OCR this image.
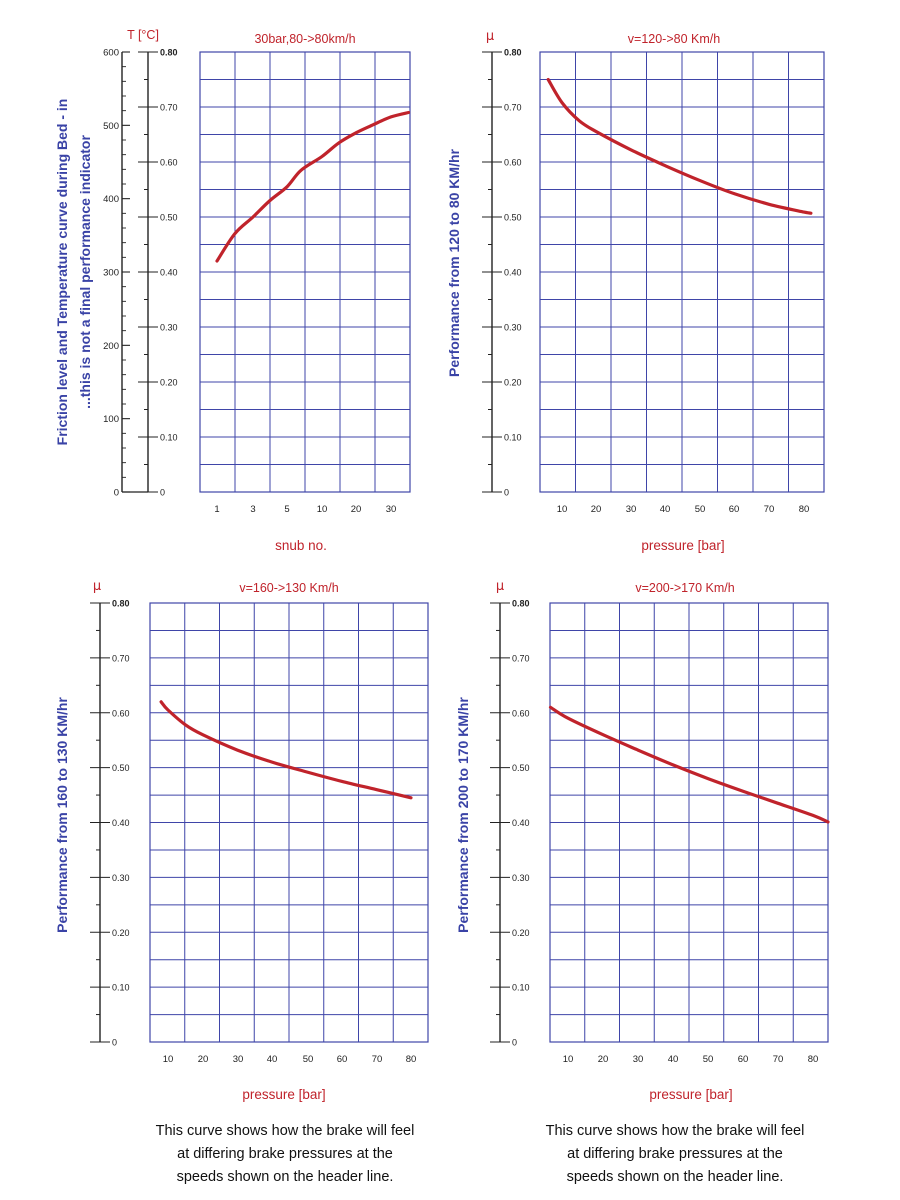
30bar,80->80km/h
T [°C]
Friction level and Temperature curve during Bed - in ...this is not a final performance indicator
0
100
200
300
400
500
600
0
0.10
0.20
0.30
0.40
0.50
0.60
0.70
0.80
1	3	5	10 20	30
snub no.
v=120->80 Km/h
μ
Performance from 120 to 80 KM/hr
0
0.10
0.20
0.30
0.40
0.50
0.60
0.70
0.80
10 20	30 40	50 60	70	80
pressure [bar]
v=160->130 Km/h
μ
Performance from 160 to 130 KM/hr
0
0.10
0.20
0.30
0.40
0.50
0.60
0.70
0.80
10	20	30 40	50 60	70 80
pressure [bar]
v=200->170 Km/h
μ
Performance from 200 to 170 KM/hr
0
0.10
0.20
0.30
0.40
0.50
0.60
0.70
0.80
10	20	30	40	50	60	70	80
pressure [bar]
This curve shows how the brake will feel
at differing brake pressures at the
speeds shown on the header line.
This curve shows how the brake will feel
at differing brake pressures at the
speeds shown on the header line.
